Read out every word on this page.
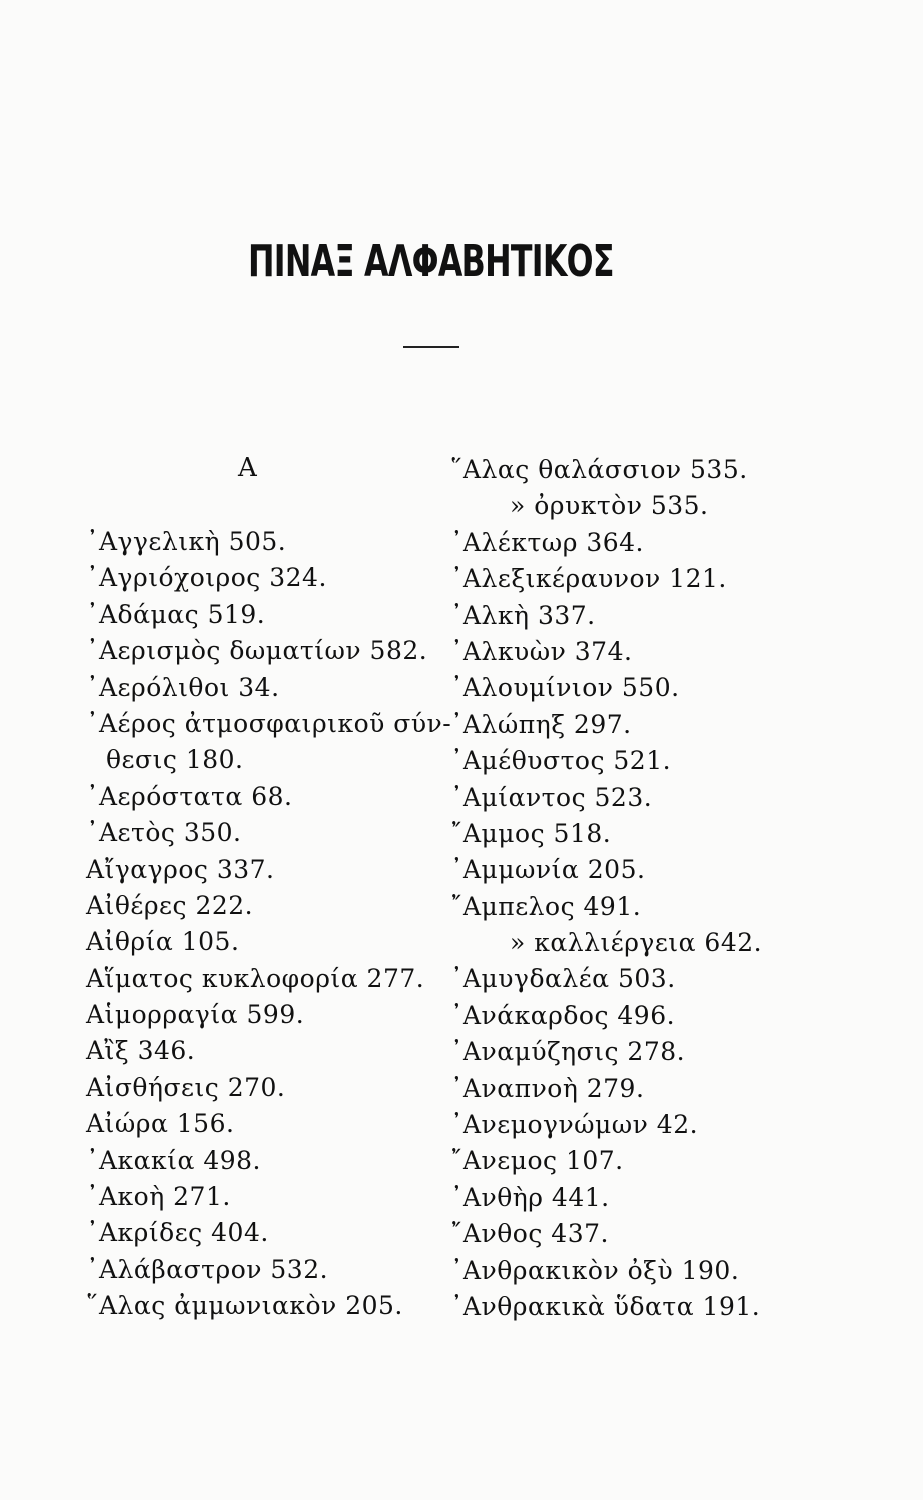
ΠΙΝΑΞ ΑΛΦΑΒΗΤΙΚΟΣ
Α
᾿Αγγελικὴ 505.
᾿Αγριόχοιρος 324.
᾿Αδάμας 519.
᾿Αερισμὸς δωματίων 582.
᾿Αερόλιθοι 34.
᾿Αέρος ἀτμοσφαιρικοῦ σύν-
θεσις 180.
᾿Αερόστατα 68.
᾿Αετὸς 350.
Αἴγαγρος 337.
Αἰθέρες 222.
Αἰθρία 105.
Αἵματος κυκλοφορία 277.
Αἱμορραγία 599.
Αἲξ 346.
Αἰσθήσεις 270.
Αἰώρα 156.
᾿Ακακία 498.
᾿Ακοὴ 271.
᾿Ακρίδες 404.
᾿Αλάβαστρον 532.
῞Αλας ἀμμωνιακὸν 205.
῞Αλας θαλάσσιον 535.
» ὀρυκτὸν 535.
᾿Αλέκτωρ 364.
᾿Αλεξικέραυνον 121.
᾿Αλκὴ 337.
᾿Αλκυὼν 374.
᾿Αλουμίνιον 550.
᾿Αλώπηξ 297.
᾿Αμέθυστος 521.
᾿Αμίαντος 523.
῎Αμμος 518.
᾿Αμμωνία 205.
῎Αμπελος 491.
» καλλιέργεια 642.
᾿Αμυγδαλέα 503.
᾿Ανάκαρδος 496.
᾿Αναμύζησις 278.
᾿Αναπνοὴ 279.
᾿Ανεμογνώμων 42.
῎Ανεμος 107.
᾿Ανθὴρ 441.
῎Ανθος 437.
᾿Ανθρακικὸν ὀξὺ 190.
᾿Ανθρακικὰ ὕδατα 191.
